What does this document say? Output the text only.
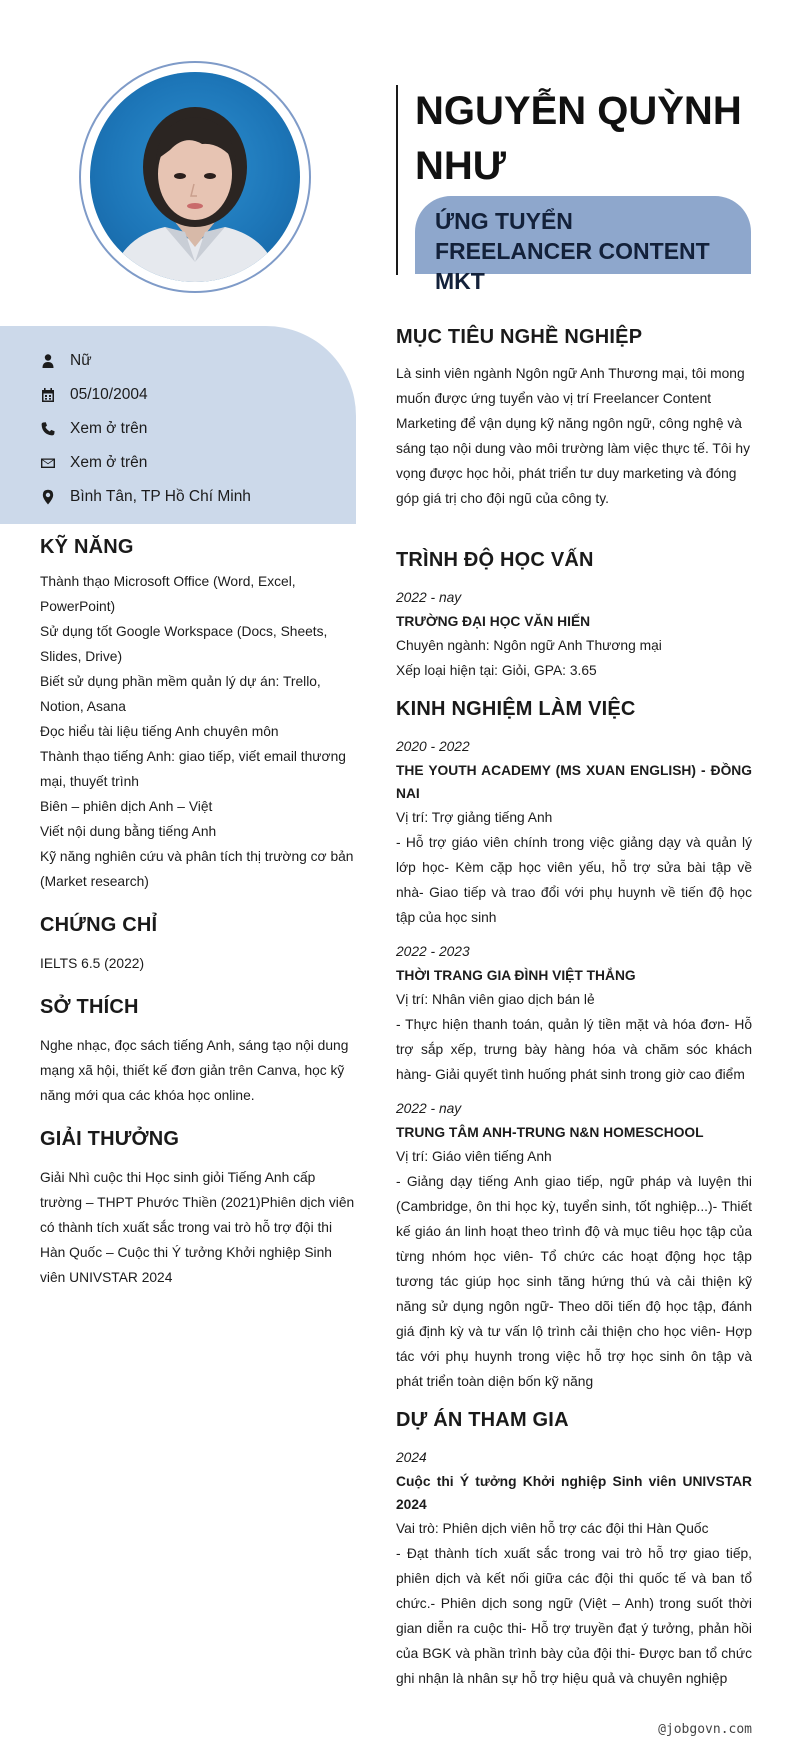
Nữ
05/10/2004
Xem ở trên
Xem ở trên
Bình Tân, TP Hồ Chí Minh
KỸ NĂNG
Thành thạo Microsoft Office (Word, Excel, PowerPoint)
Sử dụng tốt Google Workspace (Docs, Sheets, Slides, Drive)
Biết sử dụng phần mềm quản lý dự án: Trello, Notion, Asana
Đọc hiểu tài liệu tiếng Anh chuyên môn
Thành thạo tiếng Anh: giao tiếp, viết email thương mại, thuyết trình
Biên – phiên dịch Anh – Việt
Viết nội dung bằng tiếng Anh
Kỹ năng nghiên cứu và phân tích thị trường cơ bản (Market research)
CHỨNG CHỈ

IELTS 6.5 (2022)

SỞ THÍCH

Nghe nhạc, đọc sách tiếng Anh, sáng tạo nội dung mạng xã hội, thiết kế đơn giản trên Canva, học kỹ năng mới qua các khóa học online.

GIẢI THƯỞNG

Giải Nhì cuộc thi Học sinh giỏi Tiếng Anh cấp trường – THPT Phước Thiền (2021)Phiên dịch viên có thành tích xuất sắc trong vai trò hỗ trợ đội thi Hàn Quốc – Cuộc thi Ý tưởng Khởi nghiệp Sinh viên UNIVSTAR 2024

NGUYỄN QUỲNH NHƯ

ỨNG TUYỂN FREELANCER CONTENT MKT

MỤC TIÊU NGHỀ NGHIỆP

Là sinh viên ngành Ngôn ngữ Anh Thương mại, tôi mong muốn được ứng tuyển vào vị trí Freelancer Content Marketing để vận dụng kỹ năng ngôn ngữ, công nghệ và sáng tạo nội dung vào môi trường làm việc thực tế. Tôi hy vọng được học hỏi, phát triển tư duy marketing và đóng góp giá trị cho đội ngũ của công ty.

TRÌNH ĐỘ HỌC VẤN

2022 - nay

TRƯỜNG ĐẠI HỌC VĂN HIẾN

Chuyên ngành: Ngôn ngữ Anh Thương mại

Xếp loại hiện tại: Giỏi, GPA: 3.65

KINH NGHIỆM LÀM VIỆC

2020 - 2022

THE YOUTH ACADEMY (MS XUAN ENGLISH) - ĐỒNG NAI

Vị trí: Trợ giảng tiếng Anh

- Hỗ trợ giáo viên chính trong việc giảng dạy và quản lý lớp học- Kèm cặp học viên yếu, hỗ trợ sửa bài tập về nhà- Giao tiếp và trao đổi với phụ huynh về tiến độ học tập của học sinh

2022 - 2023

THỜI TRANG GIA ĐÌNH VIỆT THẮNG

Vị trí: Nhân viên giao dịch bán lẻ

- Thực hiện thanh toán, quản lý tiền mặt và hóa đơn- Hỗ trợ sắp xếp, trưng bày hàng hóa và chăm sóc khách hàng- Giải quyết tình huống phát sinh trong giờ cao điểm

2022 - nay

TRUNG TÂM ANH-TRUNG N&N HOMESCHOOL

Vị trí: Giáo viên tiếng Anh

- Giảng dạy tiếng Anh giao tiếp, ngữ pháp và luyện thi (Cambridge, ôn thi học kỳ, tuyển sinh, tốt nghiệp...)- Thiết kế giáo án linh hoạt theo trình độ và mục tiêu học tập của từng nhóm học viên- Tổ chức các hoạt động học tập tương tác giúp học sinh tăng hứng thú và cải thiện kỹ năng sử dụng ngôn ngữ- Theo dõi tiến độ học tập, đánh giá định kỳ và tư vấn lộ trình cải thiện cho học viên- Hợp tác với phụ huynh trong việc hỗ trợ học sinh ôn tập và phát triển toàn diện bốn kỹ năng

DỰ ÁN THAM GIA

2024

Cuộc thi Ý tưởng Khởi nghiệp Sinh viên UNIVSTAR 2024

Vai trò: Phiên dịch viên hỗ trợ các đội thi Hàn Quốc

- Đạt thành tích xuất sắc trong vai trò hỗ trợ giao tiếp, phiên dịch và kết nối giữa các đội thi quốc tế và ban tổ chức.- Phiên dịch song ngữ (Việt – Anh) trong suốt thời gian diễn ra cuộc thi- Hỗ trợ truyền đạt ý tưởng, phản hồi của BGK và phần trình bày của đội thi- Được ban tổ chức ghi nhận là nhân sự hỗ trợ hiệu quả và chuyên nghiệp

@jobgovn.com
